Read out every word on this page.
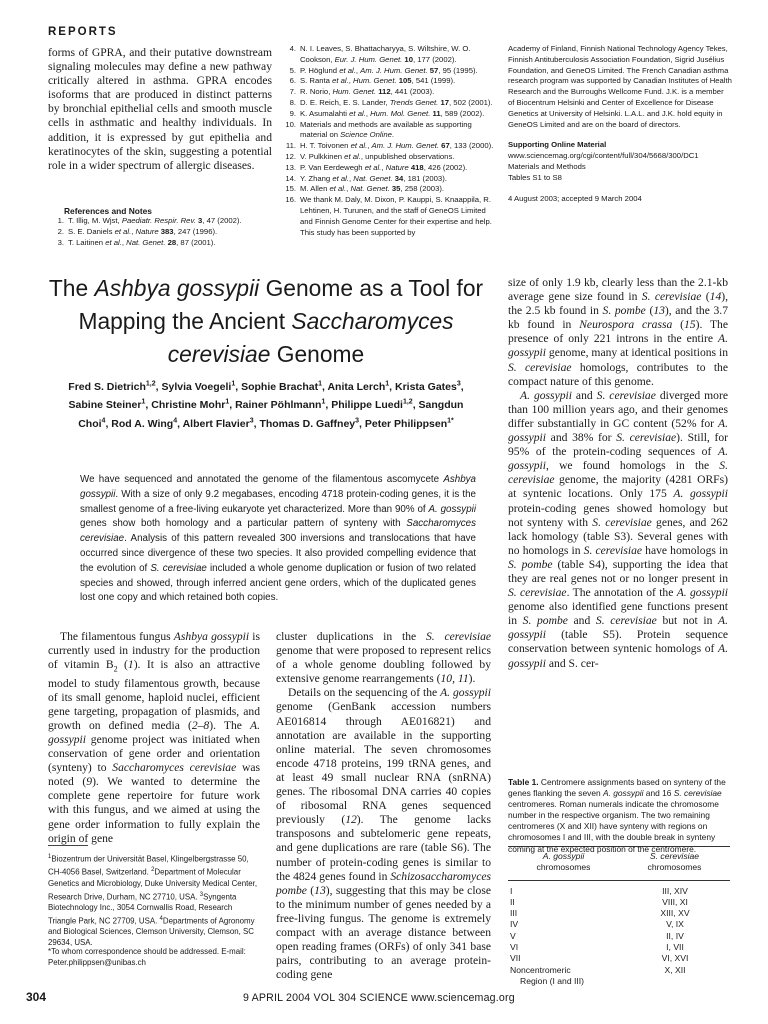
REPORTS
forms of GPRA, and their putative downstream signaling molecules may define a new pathway critically altered in asthma. GPRA encodes isoforms that are produced in distinct patterns by bronchial epithelial cells and smooth muscle cells in asthmatic and healthy individuals. In addition, it is expressed by gut epithelia and keratinocytes of the skin, suggesting a potential role in a wider spectrum of allergic diseases.
References and Notes
1. T. Illig, M. Wjst, Paediatr. Respir. Rev. 3, 47 (2002).
2. S. E. Daniels et al., Nature 383, 247 (1996).
3. T. Laitinen et al., Nat. Genet. 28, 87 (2001).
4. N. I. Leaves, S. Bhattacharyya, S. Wiltshire, W. O. Cookson, Eur. J. Hum. Genet. 10, 177 (2002).
5. P. Höglund et al., Am. J. Hum. Genet. 57, 95 (1995).
6. S. Ranta et al., Hum. Genet. 105, 541 (1999).
7. R. Norio, Hum. Genet. 112, 441 (2003).
8. D. E. Reich, E. S. Lander, Trends Genet. 17, 502 (2001).
9. K. Asumalahti et al., Hum. Mol. Genet. 11, 589 (2002).
10. Materials and methods are available as supporting material on Science Online.
11. H. T. Toivonen et al., Am. J. Hum. Genet. 67, 133 (2000).
12. V. Pulkkinen et al., unpublished observations.
13. P. Van Eerdewegh et al., Nature 418, 426 (2002).
14. Y. Zhang et al., Nat. Genet. 34, 181 (2003).
15. M. Allen et al., Nat. Genet. 35, 258 (2003).
16. We thank M. Daly, M. Dixon, P. Kauppi, S. Knaappila, R. Lehtinen, H. Turunen, and the staff of GeneOS Limited and Finnish Genome Center for their expertise and help. This study has been supported by

Academy of Finland, Finnish National Technology Agency Tekes, Finnish Antituberculosis Association Foundation, Sigrid Jusélius Foundation, and GeneOS Limited. The French Canadian asthma research program was supported by Canadian Institutes of Health Research and the Burroughs Wellcome Fund. J.K. is a member of Biocentrum Helsinki and Center of Excellence for Disease Genetics at University of Helsinki. L.A.L. and J.K. hold equity in GeneOS Limited and are on the board of directors.

Supporting Online Material

www.sciencemag.org/cgi/content/full/304/5668/300/DC1
Materials and Methods
Tables S1 to S8

4 August 2003; accepted 9 March 2004

The Ashbya gossypii Genome as a Tool for Mapping the Ancient Saccharomyces cerevisiae Genome
Fred S. Dietrich$^{1,2}$, Sylvia Voegeli$^1$, Sophie Brachat$^1$, Anita Lerch$^1$, Krista Gates$^3$, Sabine Steiner$^1$, Christine Mohr$^1$, Rainer Pöhlmann$^1$, Philippe Luedi$^{1,2}$, Sangdun Choi$^4$, Rod A. Wing$^4$, Albert Flavier$^3$, Thomas D. Gaffney$^3$, Peter Philippsen$^{1*}$
We have sequenced and annotated the genome of the filamentous ascomycete Ashbya gossypii. With a size of only 9.2 megabases, encoding 4718 protein-coding genes, it is the smallest genome of a free-living eukaryote yet characterized. More than 90% of A. gossypii genes show both homology and a particular pattern of synteny with Saccharomyces cerevisiae. Analysis of this pattern revealed 300 inversions and translocations that have occurred since divergence of these two species. It also provided compelling evidence that the evolution of S. cerevisiae included a whole genome duplication or fusion of two related species and showed, through inferred ancient gene orders, which of the duplicated genes lost one copy and which retained both copies.
The filamentous fungus Ashbya gossypii is currently used in industry for the production of vitamin $B_2$ (1). It is also an attractive model to study filamentous growth, because of its small genome, haploid nuclei, efficient gene targeting, propagation of plasmids, and growth on defined media (2–8). The A. gossypii genome project was initiated when conservation of gene order and orientation (synteny) to Saccharomyces cerevisiae was noted (9). We wanted to determine the complete gene repertoire for future work with this fungus, and we aimed at using the gene order information to fully explain the origin of gene
$^1$Biozentrum der Universität Basel, Klingelbergstrasse 50, CH-4056 Basel, Switzerland. $^2$Department of Molecular Genetics and Microbiology, Duke University Medical Center, Research Drive, Durham, NC 27710, USA. $^3$Syngenta Biotechnology Inc., 3054 Cornwallis Road, Research Triangle Park, NC 27709, USA. $^4$Departments of Agronomy and Biological Sciences, Clemson University, Clemson, SC 29634, USA.
*To whom correspondence should be addressed. E-mail: Peter.philippsen@unibas.ch

cluster duplications in the S. cerevisiae genome that were proposed to represent relics of a whole genome doubling followed by extensive genome rearrangements (10, 11).

Details on the sequencing of the A. gossypii genome (GenBank accession numbers AE016814 through AE016821) and annotation are available in the supporting online material. The seven chromosomes encode 4718 proteins, 199 tRNA genes, and at least 49 small nuclear RNA (snRNA) genes. The ribosomal DNA carries 40 copies of ribosomal RNA genes sequenced previously (12). The genome lacks transposons and subtelomeric gene repeats, and gene duplications are rare (table S6). The number of protein-coding genes is similar to the 4824 genes found in Schizosaccharomyces pombe (13), suggesting that this may be close to the minimum number of genes needed by a free-living fungus. The genome is extremely compact with an average distance between open reading frames (ORFs) of only 341 base pairs, contributing to an average protein-coding gene

size of only 1.9 kb, clearly less than the 2.1-kb average gene size found in S. cerevisiae (14), the 2.5 kb found in S. pombe (13), and the 3.7 kb found in Neurospora crassa (15). The presence of only 221 introns in the entire A. gossypii genome, many at identical positions in S. cerevisiae homologs, contributes to the compact nature of this genome.

A. gossypii and S. cerevisiae diverged more than 100 million years ago, and their genomes differ substantially in GC content (52% for A. gossypii and 38% for S. cerevisiae). Still, for 95% of the protein-coding sequences of A. gossypii, we found homologs in the S. cerevisiae genome, the majority (4281 ORFs) at syntenic locations. Only 175 A. gossypii protein-coding genes showed homology but not synteny with S. cerevisiae genes, and 262 lack homology (table S3). Several genes with no homologs in S. cerevisiae have homologs in S. pombe (table S4), supporting the idea that they are real genes not or no longer present in S. cerevisiae. The annotation of the A. gossypii genome also identified gene functions present in S. pombe and S. cerevisiae but not in A. gossypii (table S5). Protein sequence conservation between syntenic homologs of A. gossypii and S. cer-

Table 1. Centromere assignments based on synteny of the genes flanking the seven A. gossypii and 16 S. cerevisiae centromeres. Roman numerals indicate the chromosome number in the respective organism. The two remaining centromeres (X and XII) have synteny with regions on chromosomes I and III, with the double break in synteny coming at the expected position of the centromere.
A. gossypii
chromosomes
S. cerevisiae
chromosomes
I	III, XIV
II	VIII, XI
III	XIII, XV
IV	V, IX
V	II, IV
VI	I, VII
VII	VI, XVI
Noncentromeric	X, XII
Region (I and III)
304	9 APRIL 2004 VOL 304 SCIENCE www.sciencemag.org
